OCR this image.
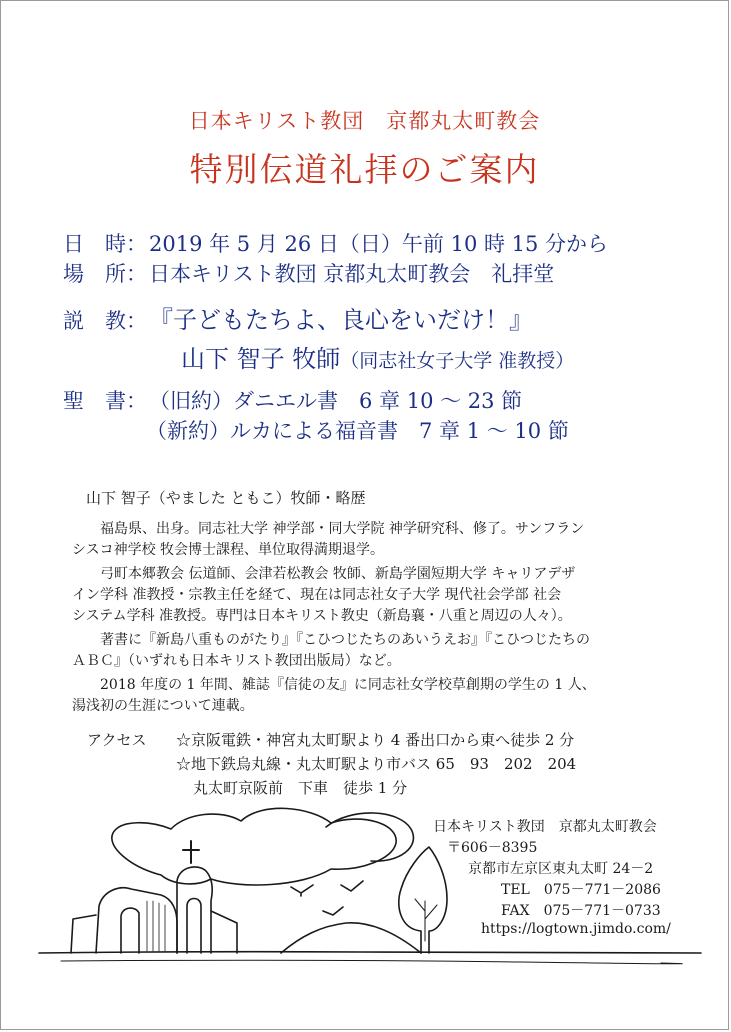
日本キリスト教団　京都丸太町教会
特別伝道礼拝のご案内
日　時：2019 年 5 月 26 日（日）午前 10 時 15 分から
場　所：日本キリスト教団 京都丸太町教会　礼拝堂
説　教：『子どもたちよ、良心をいだけ！』
山下 智子 牧師（同志社女子大学 准教授）
聖　書：（旧約）ダニエル書　6 章 10 ～ 23 節
（新約）ルカによる福音書　7 章 1 ～ 10 節
山下 智子（やました ともこ）牧師・略歴

福島県、出身。同志社大学 神学部・同大学院 神学研究科、修了。サンフラン
シスコ神学校 牧会博士課程、単位取得満期退学。

弓町本郷教会 伝道師、会津若松教会 牧師、新島学園短期大学 キャリアデザ
イン学科 准教授・宗教主任を経て、現在は同志社女子大学 現代社会学部 社会
システム学科 准教授。専門は日本キリスト教史（新島襄・八重と周辺の人々）。

著書に『新島八重ものがたり』『こひつじたちのあいうえお』『こひつじたちの
ＡＢＣ』（いずれも日本キリスト教団出版局）など。

2018 年度の 1 年間、雑誌『信徒の友』に同志社女学校草創期の学生の 1 人、
湯浅初の生涯について連載。

アクセス ☆京阪電鉄・神宮丸太町駅より 4 番出口から東へ徒歩 2 分
☆地下鉄烏丸線・丸太町駅より市バス 65　93　202　204
丸太町京阪前　下車　徒歩 1 分
日本キリスト教団　京都丸太町教会
〒606－8395
京都市左京区東丸太町 24－2
TEL　075－771－2086
FAX　075－771－0733
https://logtown.jimdo.com/
